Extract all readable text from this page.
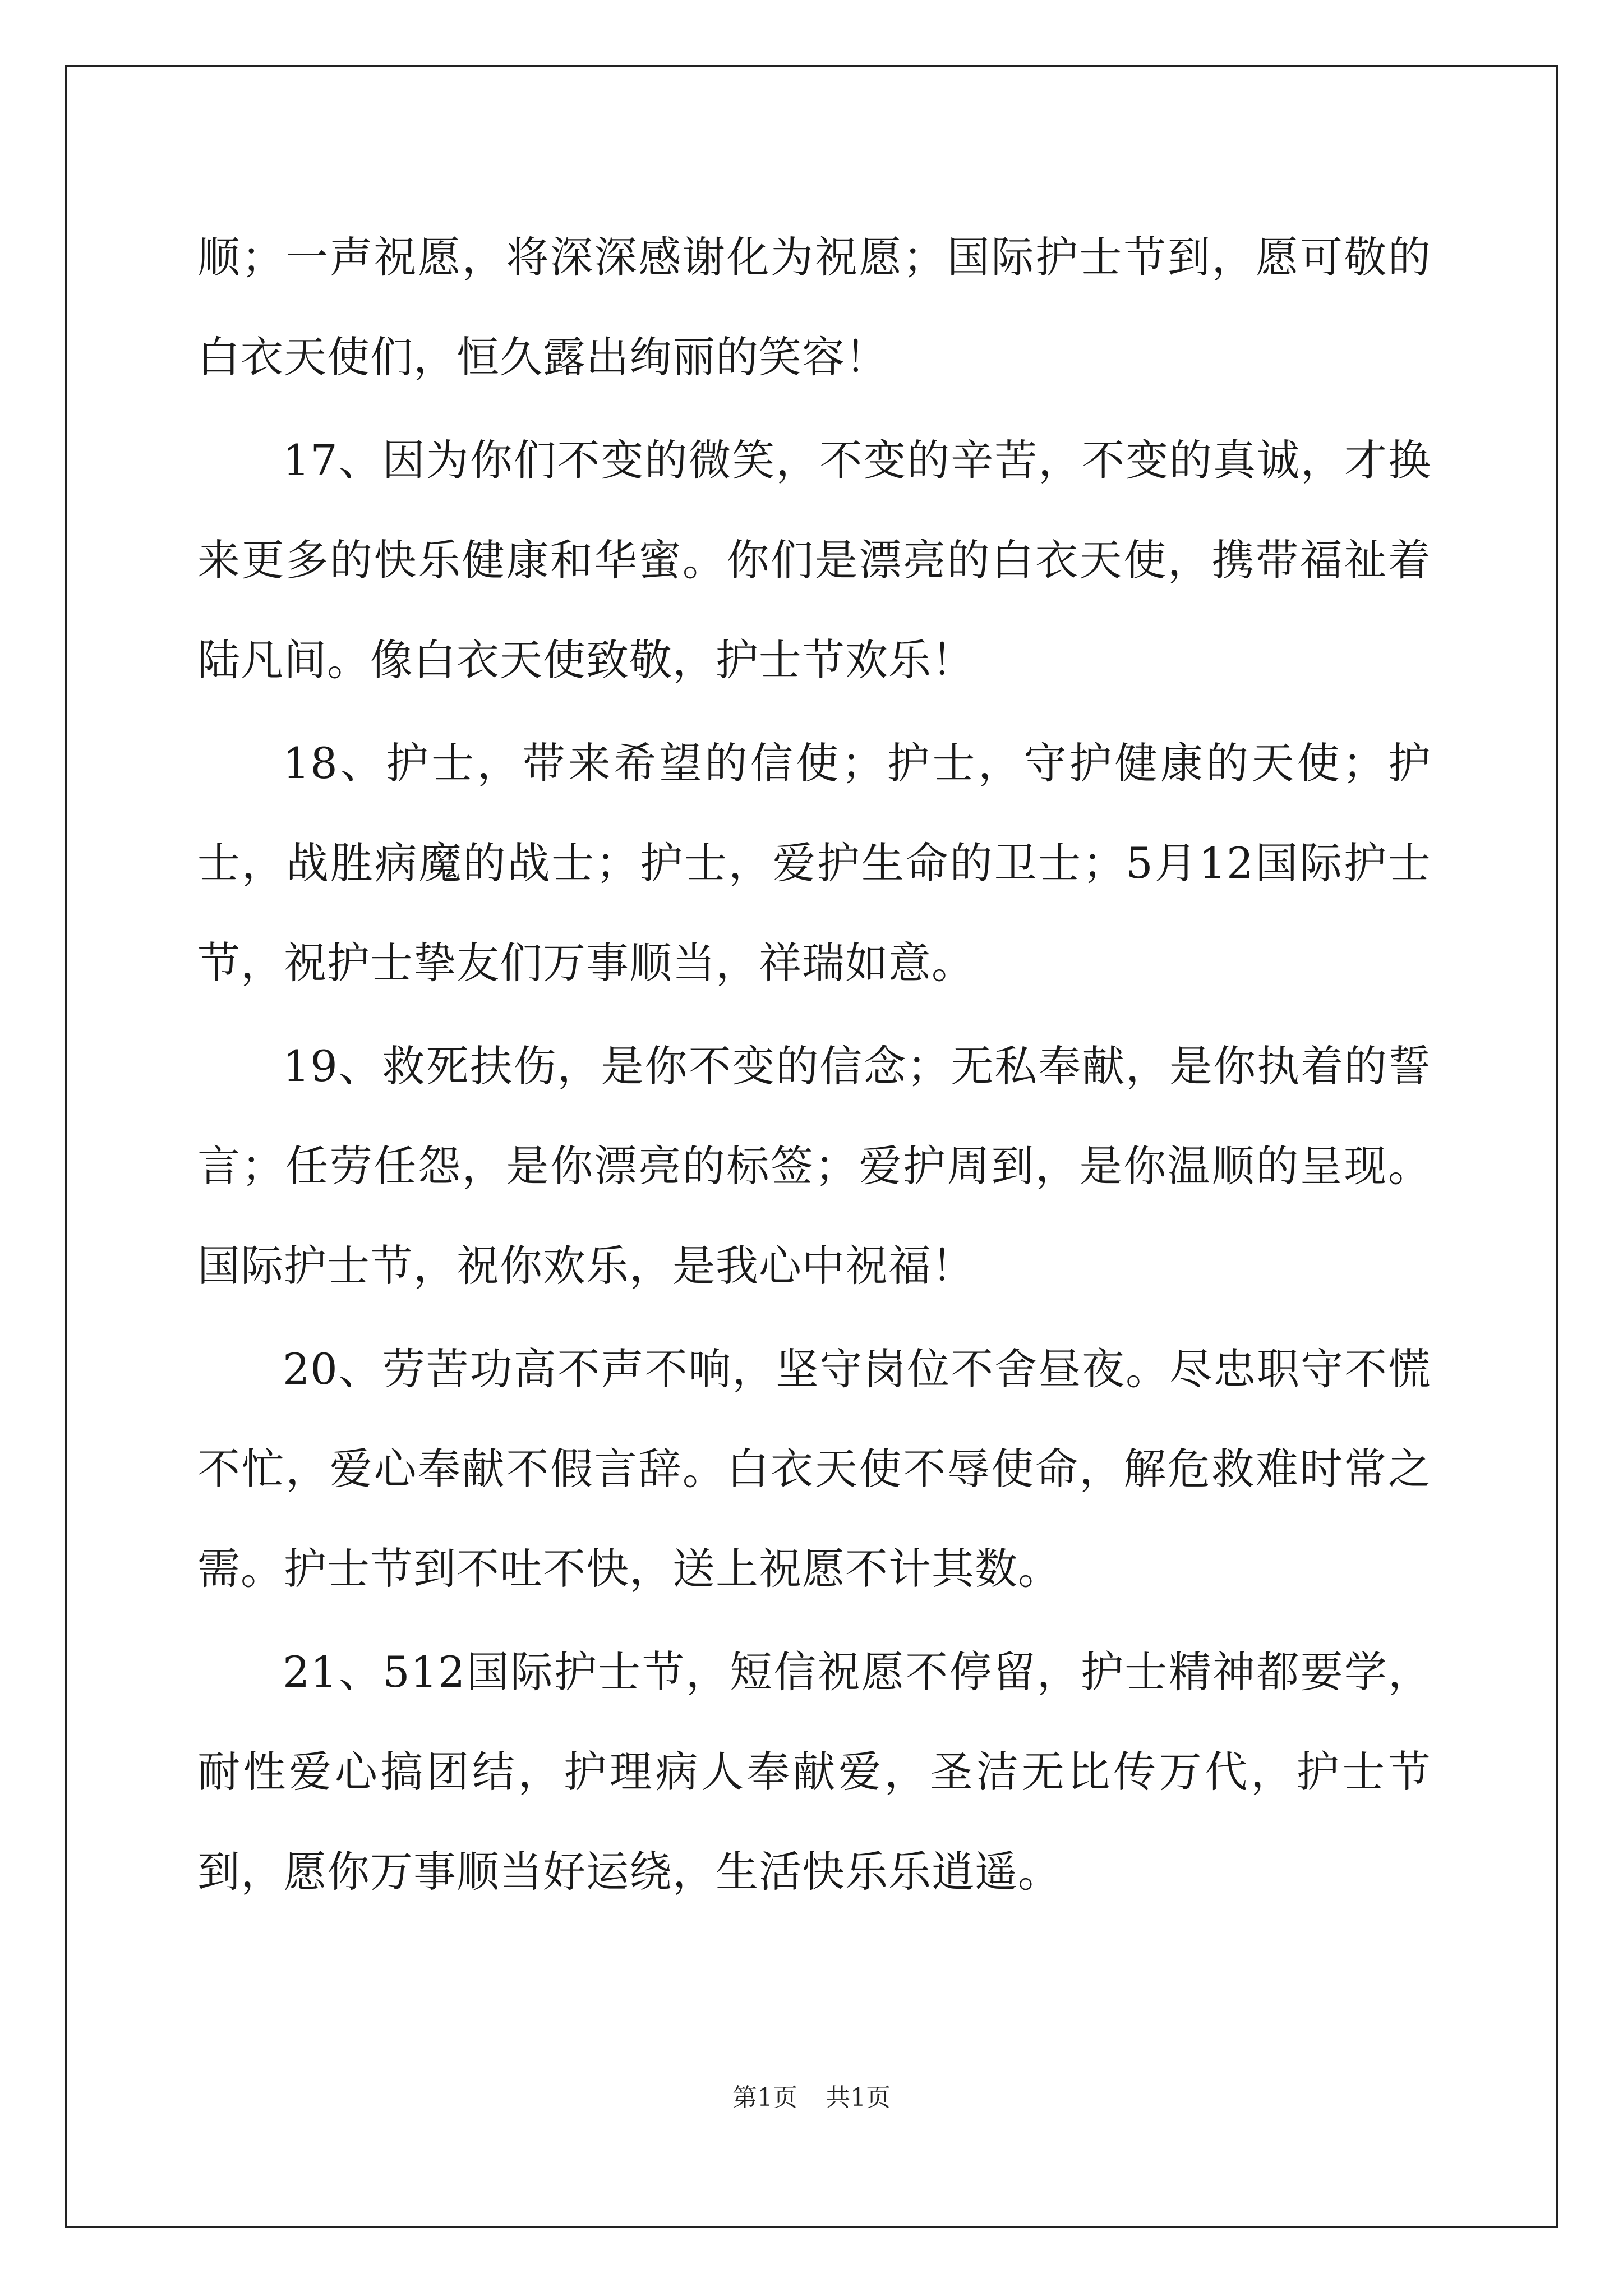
顺；一声祝愿，将深深感谢化为祝愿；国际护士节到，愿可敬的白衣天使们，恒久露出绚丽的笑容！

17、因为你们不变的微笑，不变的辛苦，不变的真诚，才换来更多的快乐健康和华蜜。你们是漂亮的白衣天使，携带福祉着陆凡间。像白衣天使致敬，护士节欢乐！

18、护士，带来希望的信使；护士，守护健康的天使；护士，战胜病魔的战士；护士，爱护生命的卫士；5月12国际护士节，祝护士挚友们万事顺当，祥瑞如意。

19、救死扶伤，是你不变的信念；无私奉献，是你执着的誓言；任劳任怨，是你漂亮的标签；爱护周到，是你温顺的呈现。国际护士节，祝你欢乐，是我心中祝福！

20、劳苦功高不声不响，坚守岗位不舍昼夜。尽忠职守不慌不忙，爱心奉献不假言辞。白衣天使不辱使命，解危救难时常之需。护士节到不吐不快，送上祝愿不计其数。

21、512国际护士节，短信祝愿不停留，护士精神都要学，耐性爱心搞团结，护理病人奉献爱，圣洁无比传万代，护士节到，愿你万事顺当好运绕，生活快乐乐逍遥。

第1页 共1页
